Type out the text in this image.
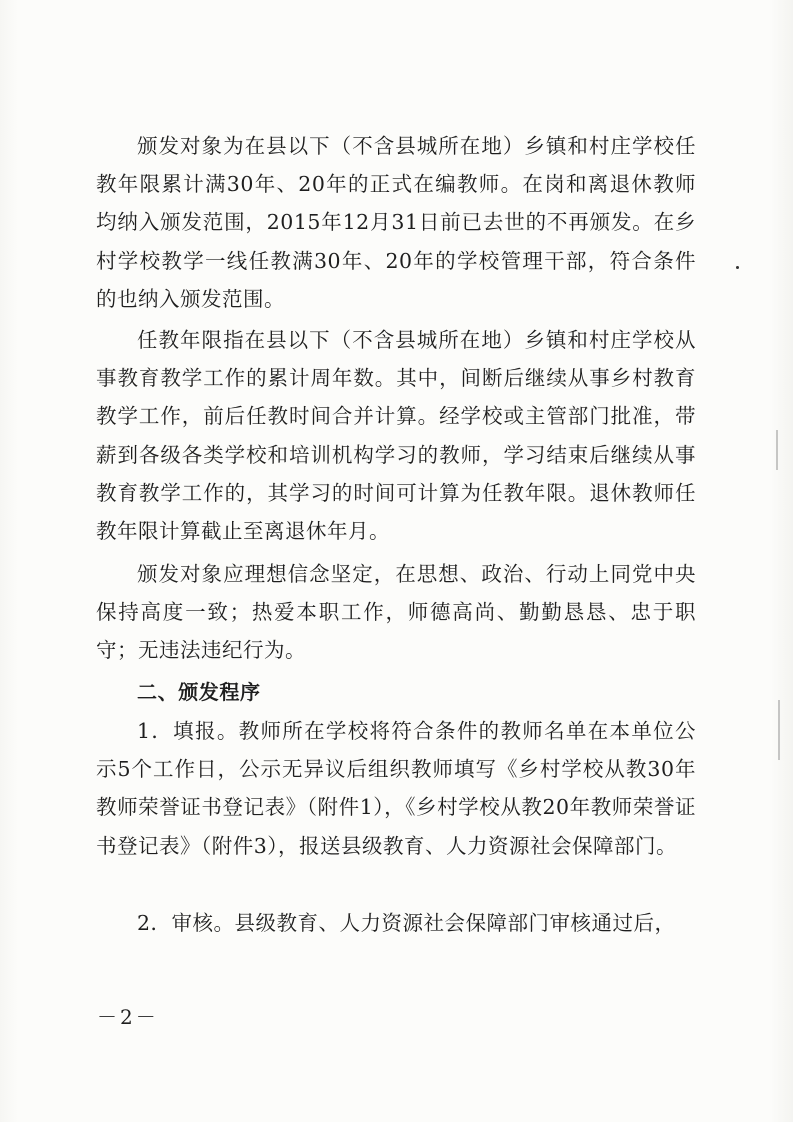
颁发对象为在县以下（不含县城所在地）乡镇和村庄学校任教年限累计满30年、20年的正式在编教师。在岗和离退休教师均纳入颁发范围，2015年12月31日前已去世的不再颁发。在乡村学校教学一线任教满30年、20年的学校管理干部，符合条件的也纳入颁发范围。

任教年限指在县以下（不含县城所在地）乡镇和村庄学校从事教育教学工作的累计周年数。其中，间断后继续从事乡村教育教学工作，前后任教时间合并计算。经学校或主管部门批准，带薪到各级各类学校和培训机构学习的教师，学习结束后继续从事教育教学工作的，其学习的时间可计算为任教年限。退休教师任教年限计算截止至离退休年月。

颁发对象应理想信念坚定，在思想、政治、行动上同党中央保持高度一致；热爱本职工作，师德高尚、勤勤恳恳、忠于职守；无违法违纪行为。

二、颁发程序

1．填报。教师所在学校将符合条件的教师名单在本单位公示5个工作日，公示无异议后组织教师填写《乡村学校从教30年教师荣誉证书登记表》（附件1），《乡村学校从教20年教师荣誉证书登记表》（附件3），报送县级教育、人力资源社会保障部门。

2．审核。县级教育、人力资源社会保障部门审核通过后，

－2－
